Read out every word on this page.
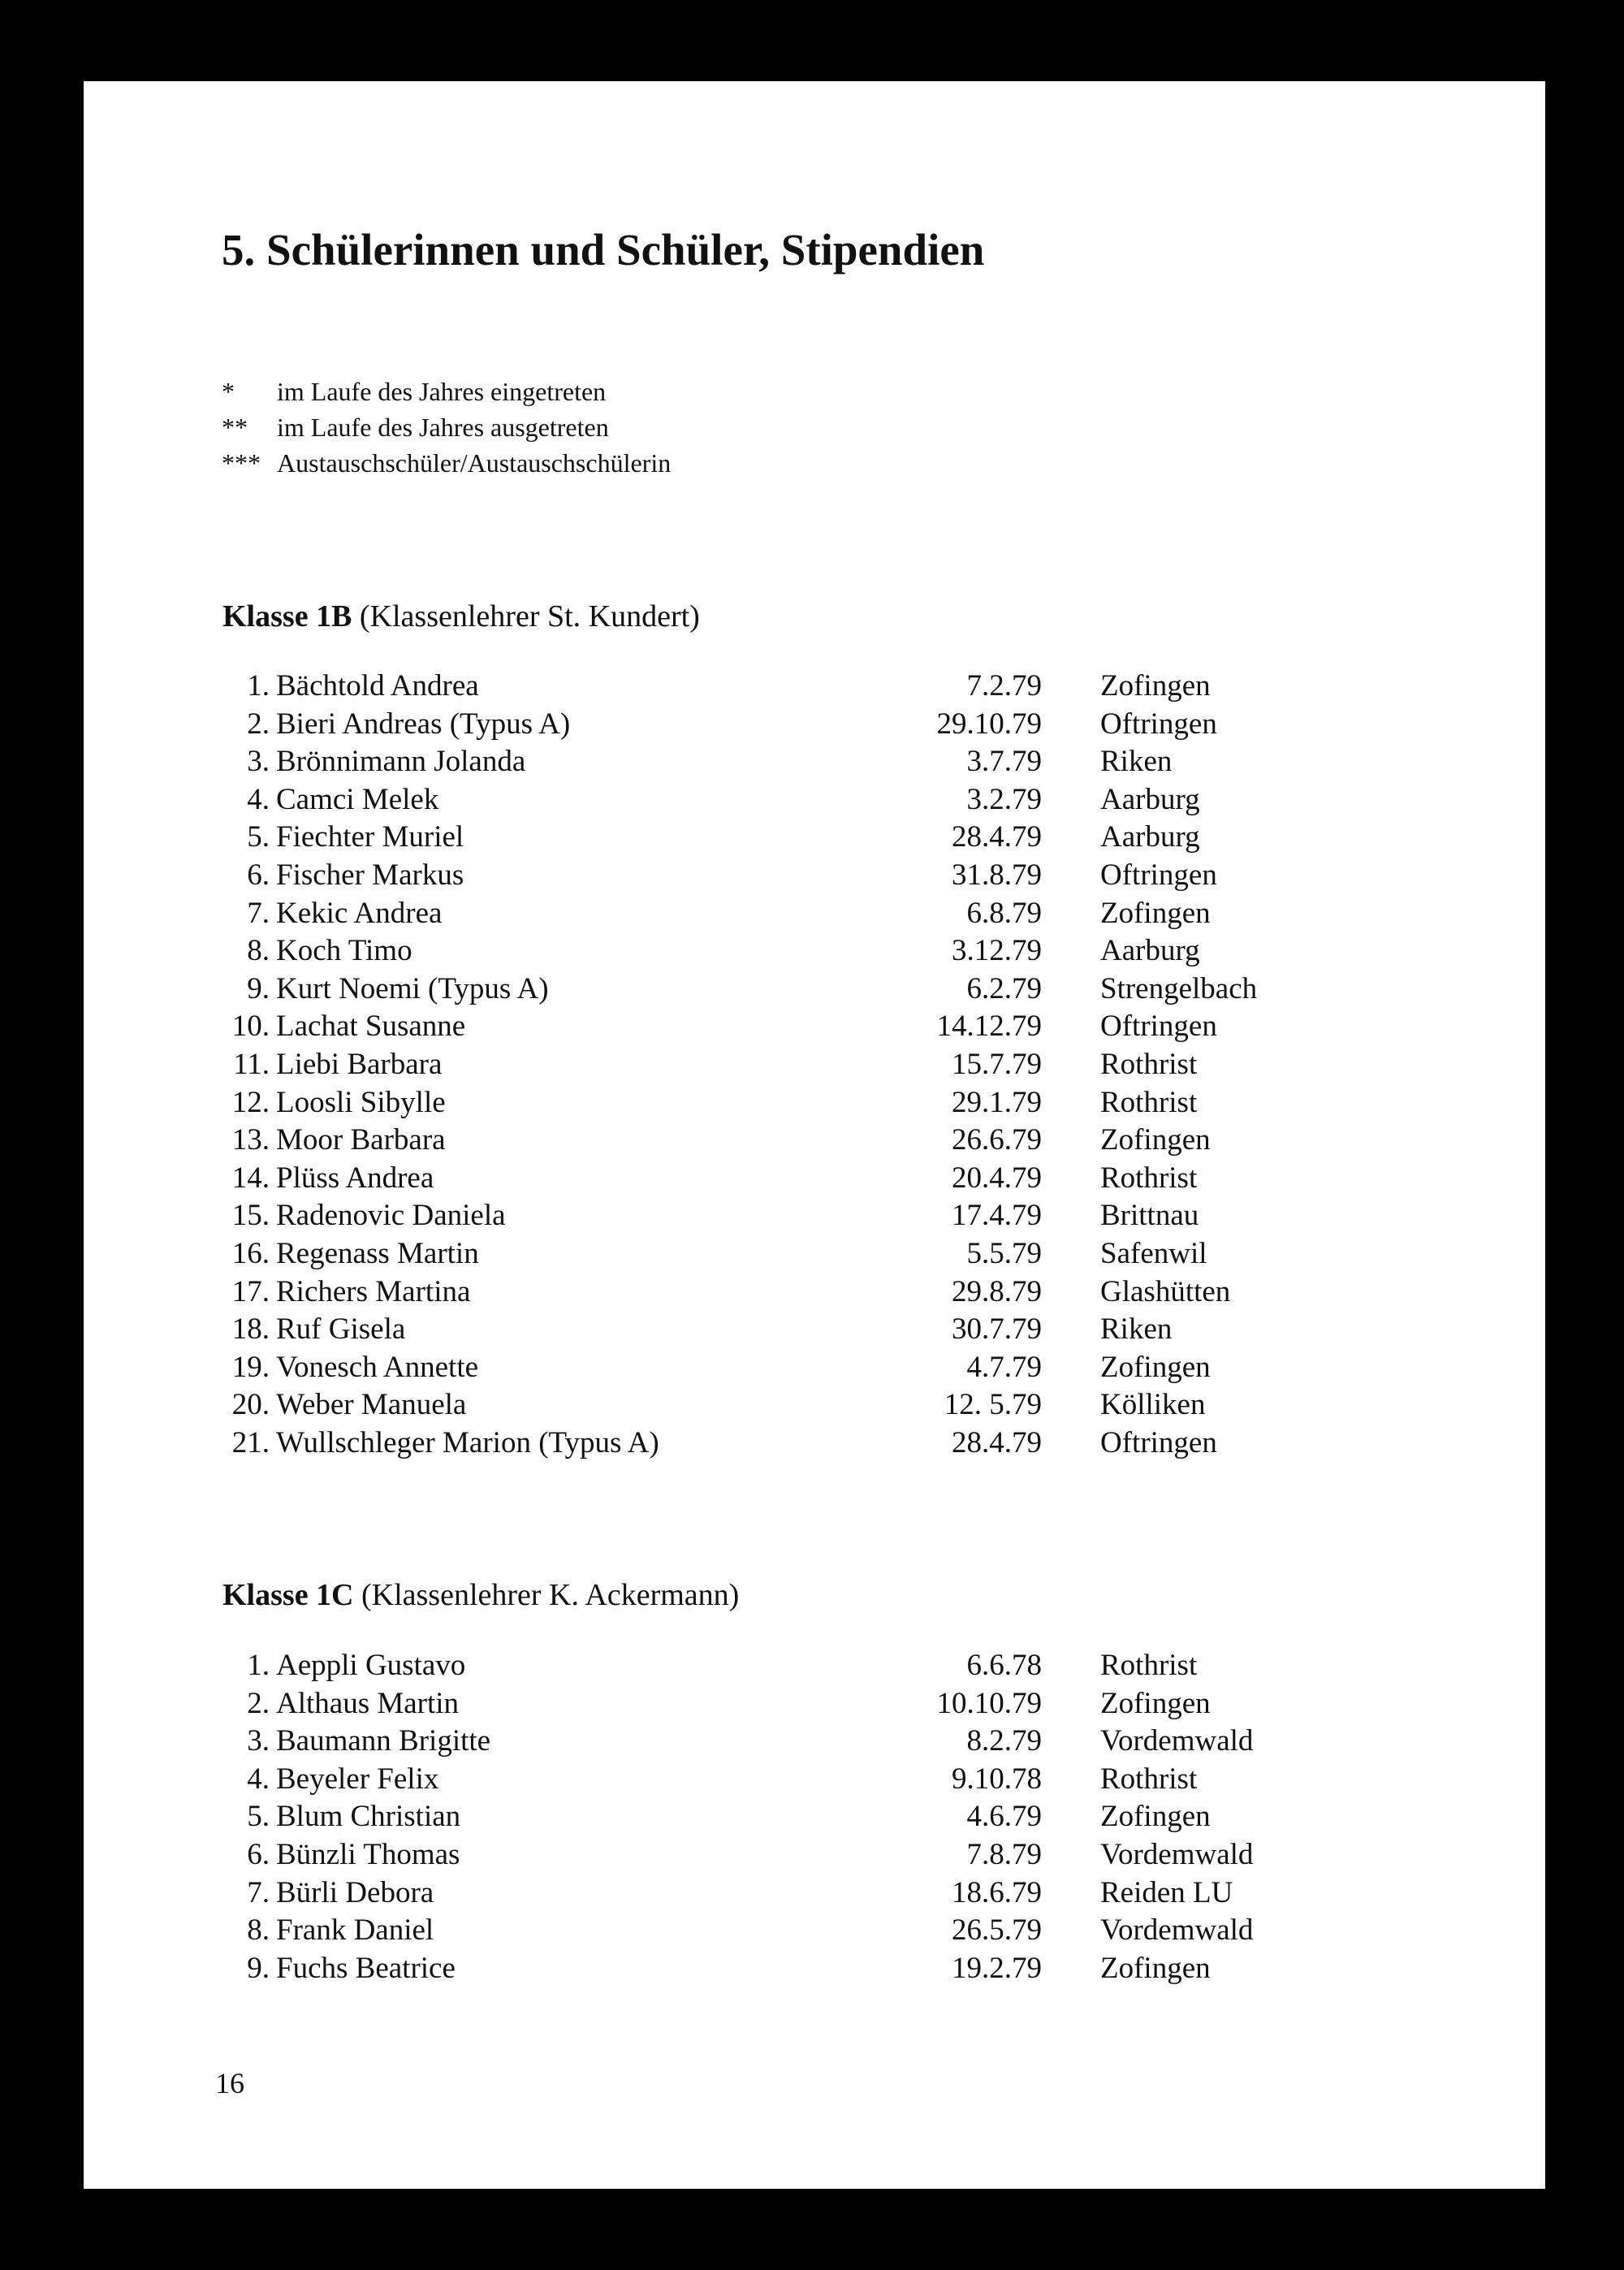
5. Schülerinnen und Schüler, Stipendien
*	im Laufe des Jahres eingetreten
**	im Laufe des Jahres ausgetreten
*** Austauschschüler/Austauschschülerin
Klasse 1B (Klassenlehrer St. Kundert)
1. Bächtold Andrea	7.2.79 Zofingen
2. Bieri Andreas (Typus A)	29.10.79 Oftringen
3. Brönnimann Jolanda	3.7.79 Riken
4. Camci Melek	3.2.79 Aarburg
5. Fiechter Muriel	28.4.79 Aarburg
6. Fischer Markus	31.8.79 Oftringen
7. Kekic Andrea	6.8.79 Zofingen
8. Koch Timo	3.12.79 Aarburg
9. Kurt Noemi (Typus A)	6.2.79 Strengelbach
10. Lachat Susanne	14.12.79 Oftringen
11. Liebi Barbara	15.7.79 Rothrist
12. Loosli Sibylle	29.1.79 Rothrist
13. Moor Barbara	26.6.79 Zofingen
14. Plüss Andrea	20.4.79 Rothrist
15. Radenovic Daniela	17.4.79 Brittnau
16. Regenass Martin	5.5.79 Safenwil
17. Richers Martina	29.8.79 Glashütten
18. Ruf Gisela	30.7.79 Riken
19. Vonesch Annette	4.7.79 Zofingen
20. Weber Manuela	12. 5.79 Kölliken
21. Wullschleger Marion (Typus A)	28.4.79 Oftringen
Klasse 1C (Klassenlehrer K. Ackermann)
1. Aeppli Gustavo	6.6.78 Rothrist
2. Althaus Martin	10.10.79 Zofingen
3. Baumann Brigitte	8.2.79 Vordemwald
4. Beyeler Felix	9.10.78 Rothrist
5. Blum Christian	4.6.79 Zofingen
6. Bünzli Thomas	7.8.79 Vordemwald
7. Bürli Debora	18.6.79 Reiden LU
8. Frank Daniel	26.5.79 Vordemwald
9. Fuchs Beatrice	19.2.79 Zofingen
16
